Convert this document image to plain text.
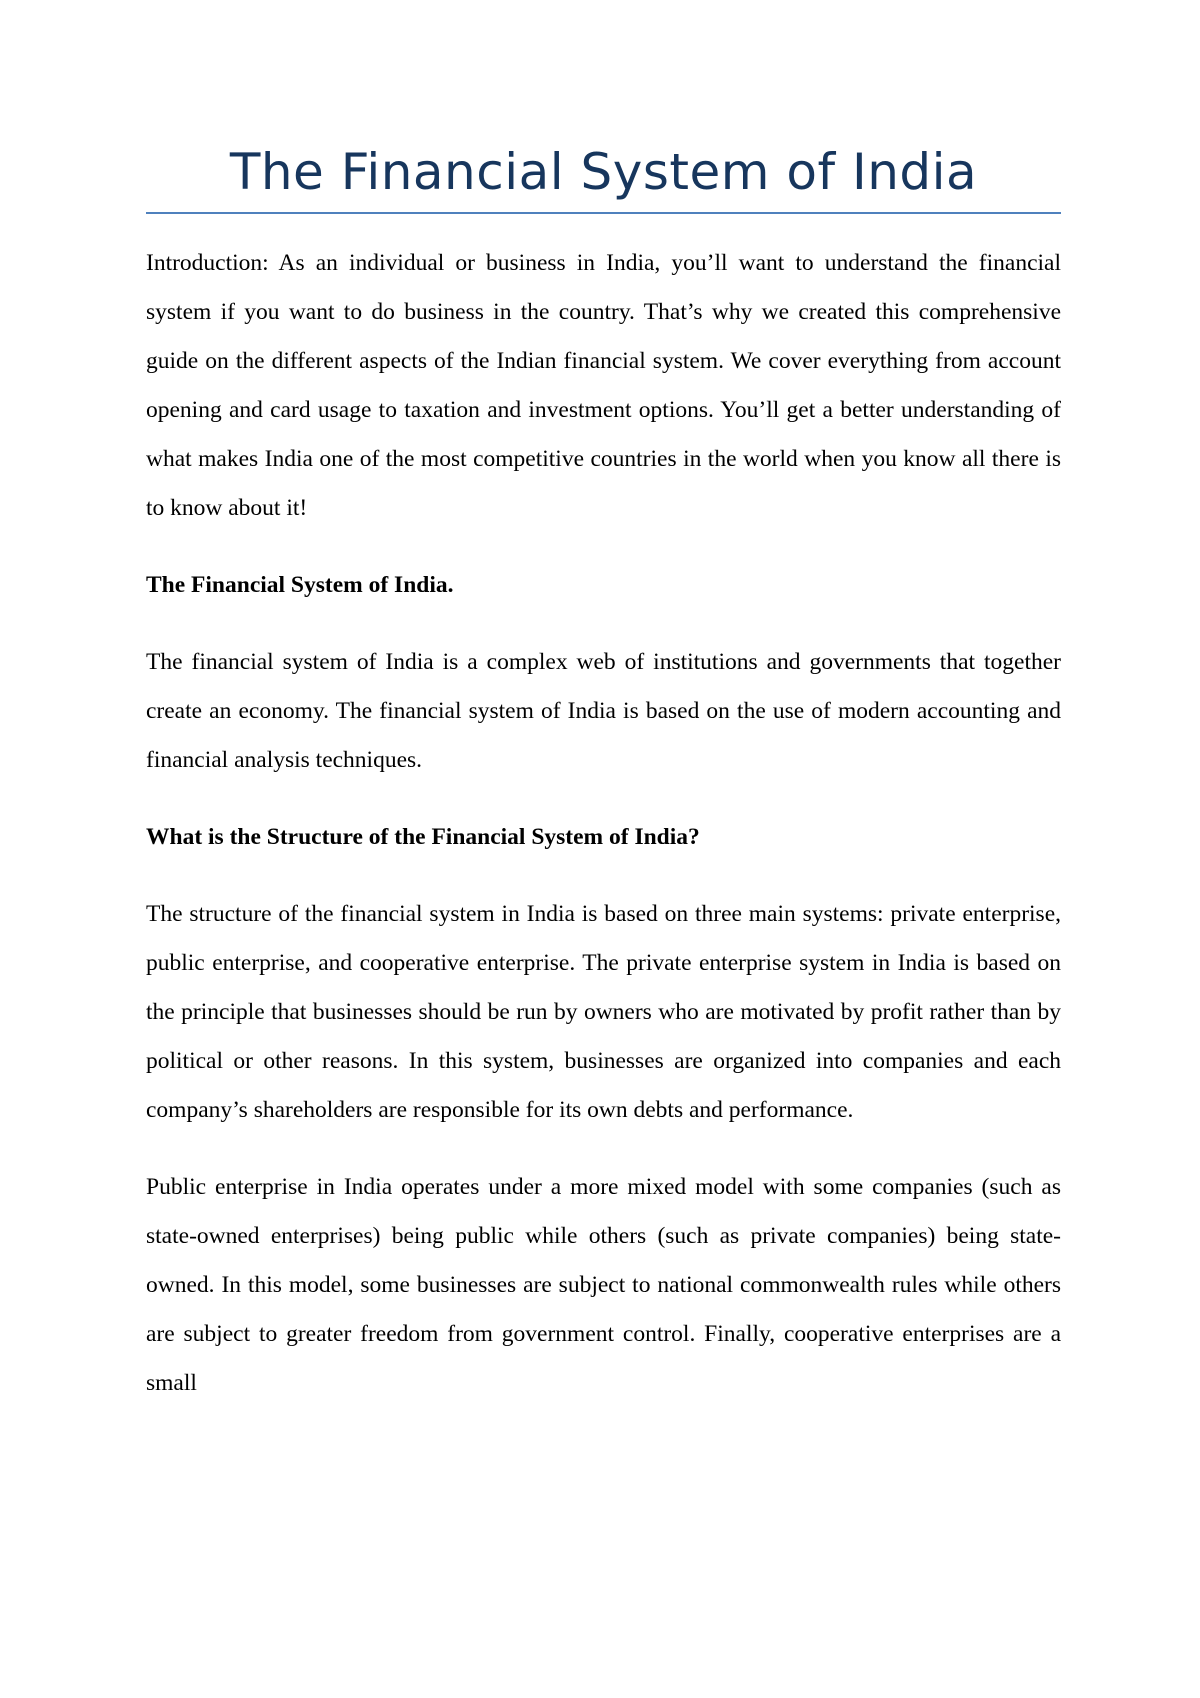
The Financial System of India

Introduction: As an individual or business in India, you’ll want to understand the financial system if you want to do business in the country. That’s why we created this comprehensive guide on the different aspects of the Indian financial system. We cover everything from account opening and card usage to taxation and investment options. You’ll get a better understanding of what makes India one of the most competitive countries in the world when you know all there is to know about it!

The Financial System of India.

The financial system of India is a complex web of institutions and governments that together create an economy. The financial system of India is based on the use of modern accounting and financial analysis techniques.

What is the Structure of the Financial System of India?

The structure of the financial system in India is based on three main systems: private enterprise, public enterprise, and cooperative enterprise. The private enterprise system in India is based on the principle that businesses should be run by owners who are motivated by profit rather than by political or other reasons. In this system, businesses are organized into companies and each company’s shareholders are responsible for its own debts and performance.

Public enterprise in India operates under a more mixed model with some companies (such as state-owned enterprises) being public while others (such as private companies) being state-owned. In this model, some businesses are subject to national commonwealth rules while others are subject to greater freedom from government control. Finally, cooperative enterprises are a small
